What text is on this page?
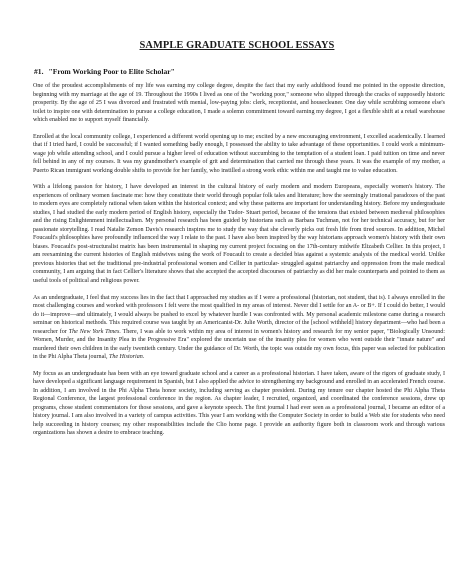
SAMPLE GRADUATE SCHOOL ESSAYS
#1. "From Working Poor to Elite Scholar"

One of the proudest accomplishments of my life was earning my college degree, despite the fact that my early adulthood found me pointed in the opposite direction, beginning with my marriage at the age of 19. Throughout the 1990s I lived as one of the "working poor," someone who slipped through the cracks of supposedly historic prosperity. By the age of 25 I was divorced and frustrated with menial, low-paying jobs: clerk, receptionist, and housecleaner. One day while scrubbing someone else's toilet to inspire one with determination to pursue a college education, I made a solemn commitment toward earning my degree, I got a flexible shift at a retail warehouse which enabled me to support myself financially.

Enrolled at the local community college, I experienced a different world opening up to me; excited by a new encouraging environment, I excelled academically. I learned that if I tried hard, I could be successful; if I wanted something badly enough, I possessed the ability to take advantage of these opportunities. I could work a minimum-wage job while attending school, and I could pursue a higher level of education without succumbing to the temptation of a student loan. I paid tuition on time and never fell behind in any of my courses. It was my grandmother's example of grit and determination that carried me through these years. It was the example of my mother, a Puerto Rican immigrant working double shifts to provide for her family, who instilled a strong work ethic within me and taught me to value education.

With a lifelong passion for history, I have developed an interest in the cultural history of early modern and modern Europeans, especially women's history. The experiences of ordinary women fascinate me: how they constitute their world through popular folk tales and literature; how the seemingly irrational paradoxes of the past to modern eyes are completely rational when taken within the historical context; and why these patterns are important for understanding history. Before my undergraduate studies, I had studied the early modern period of English history, especially the Tudor- Stuart period, because of the tensions that existed between medieval philosophies and the rising Enlightenment intellectualism. My personal research has been guided by historians such as Barbara Tuchman, not for her technical accuracy, but for her passionate storytelling. I read Natalie Zemon Davis's research inspires me to study the way that she cleverly picks out fresh life from tired sources. In addition, Michel Foucault's philosophies have profoundly influenced the way I relate to the past. I have also been inspired by the way historians approach women's history with their own biases. Foucault's post-structuralist matrix has been instrumental in shaping my current project focusing on the 17th-century midwife Elizabeth Cellier. In this project, I am reexamining the current histories of English midwives using the work of Foucault to create a decided bias against a systemic analysis of the medical world. Unlike previous histories that set the traditional pre-industrial professional women and Cellier in particular- struggled against patriarchy and oppression from the male medical community, I am arguing that in fact Cellier's literature shows that she accepted the accepted discourses of patriarchy as did her male counterparts and pointed to them as useful tools of political and religious power.

As an undergraduate, I feel that my success lies in the fact that I approached my studies as if I were a professional (historian, not student, that is). I always enrolled in the most challenging courses and worked with professors I felt were the most qualified in my areas of interest. Never did I settle for an A- or B+. If I could do better, I would do it—improve—and ultimately, I would always be pushed to excel by whatever hurdle I was confronted with. My personal academic milestone came during a research seminar on historical methods. This required course was taught by an Americanist-Dr. Julie Worth, director of the [school withheld] history department—who had been a researcher for The New York Times. There, I was able to work within my area of interest in women's history and research for my senior paper, "Biologically Unsound: Women, Murder, and the Insanity Plea in the Progressive Era" explored the uncertain use of the insanity plea for women who went outside their "innate nature" and murdered their own children in the early twentieth century. Under the guidance of Dr. Worth, the topic was outside my own focus, this paper was selected for publication in the Phi Alpha Theta journal, The Historian.

My focus as an undergraduate has been with an eye toward graduate school and a career as a professional historian. I have taken, aware of the rigors of graduate study, I have developed a significant language requirement in Spanish, but I also applied the advice to strengthening my background and enrolled in an accelerated French course. In addition, I am involved in the Phi Alpha Theta honor society, including serving as chapter president. During my tenure our chapter hosted the Phi Alpha Theta Regional Conference, the largest professional conference in the region. As chapter leader, I recruited, organized, and coordinated the conference sessions, drew up programs, chose student commentators for those sessions, and gave a keynote speech. The first journal I had ever seen as a professional journal, I became an editor of a history journal. I am also involved in a variety of campus activities. This year I am working with the Computer Society in order to build a Web site for students who need help succeeding in history courses; my other responsibilities include the Clio home page. I provide an authority figure both in classroom work and through various organizations has shown a desire to embrace teaching.
